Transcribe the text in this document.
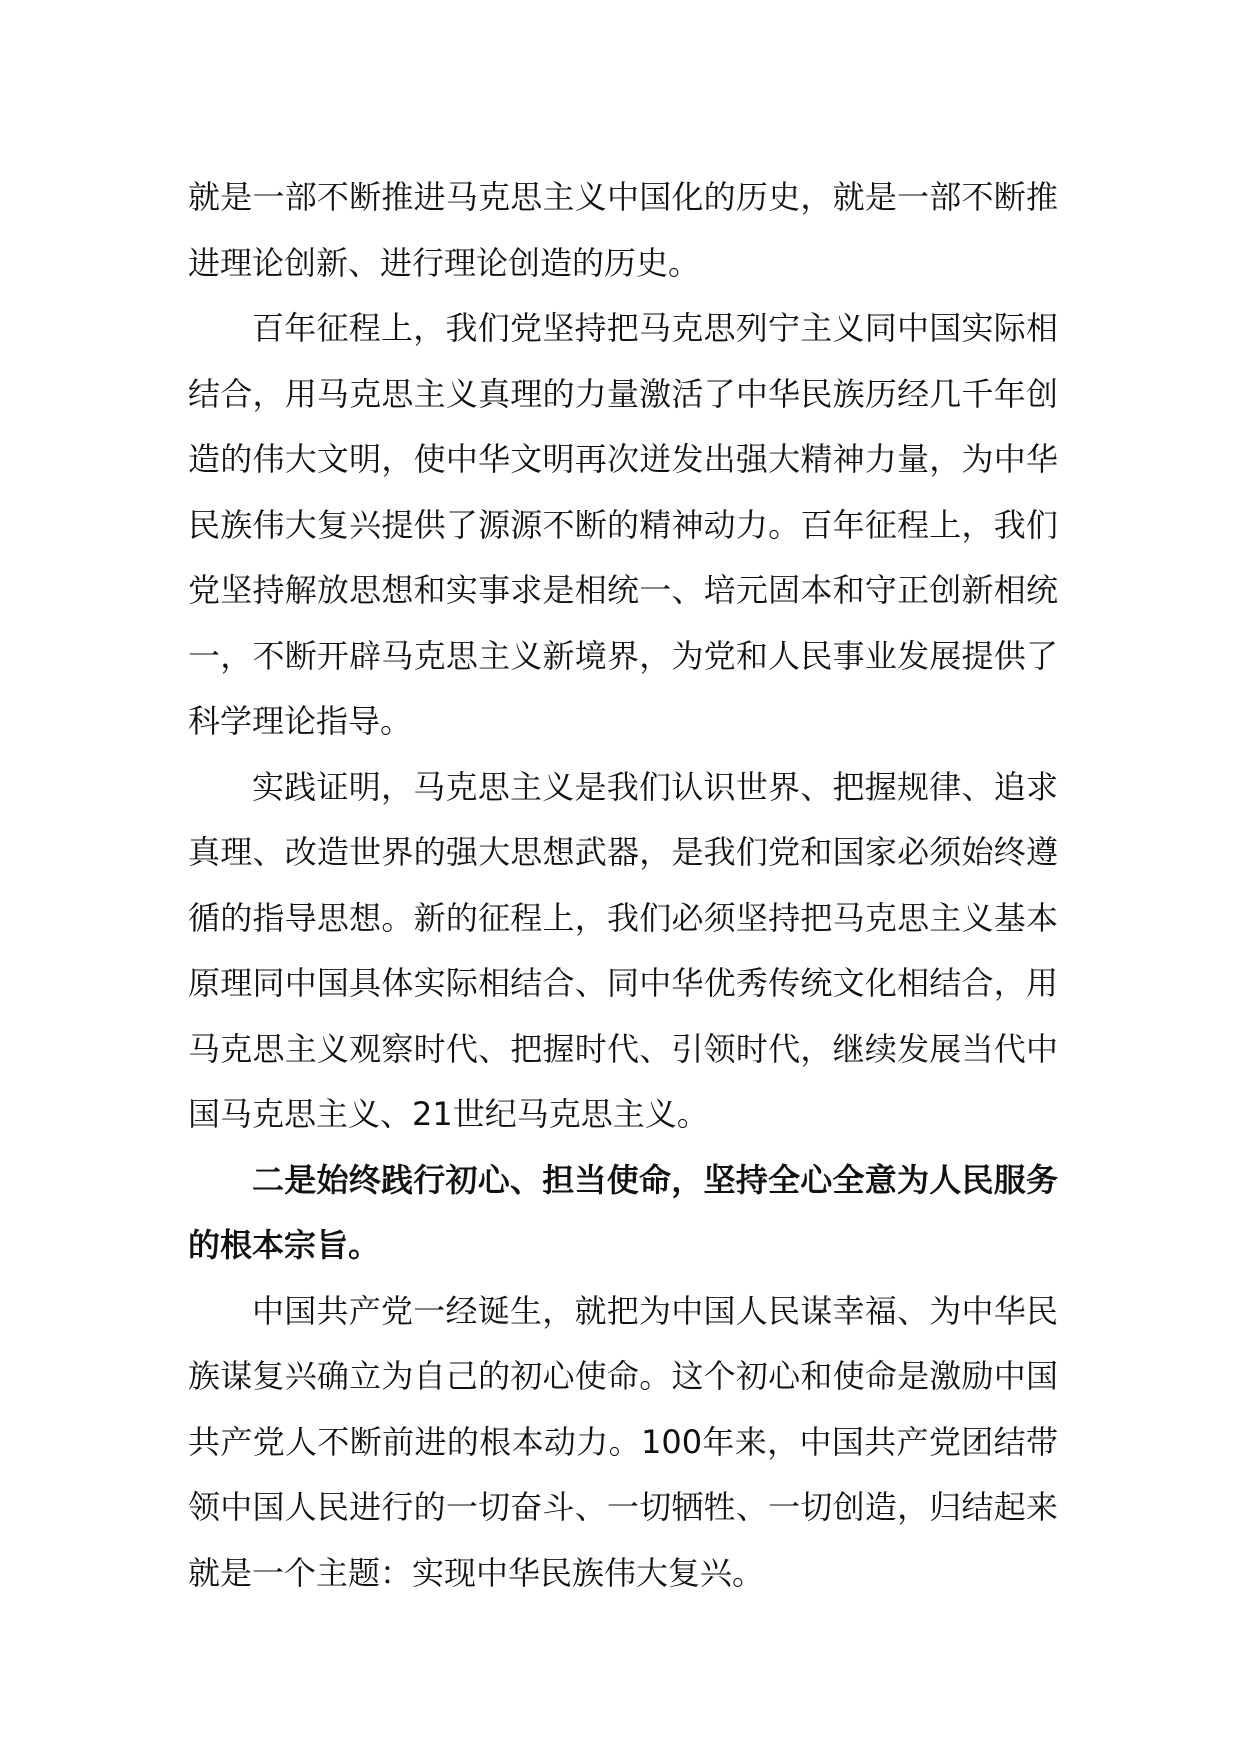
就是一部不断推进马克思主义中国化的历史，就是一部不断推进理论创新、进行理论创造的历史。

百年征程上，我们党坚持把马克思列宁主义同中国实际相结合，用马克思主义真理的力量激活了中华民族历经几千年创造的伟大文明，使中华文明再次迸发出强大精神力量，为中华民族伟大复兴提供了源源不断的精神动力。百年征程上，我们党坚持解放思想和实事求是相统一、培元固本和守正创新相统一，不断开辟马克思主义新境界，为党和人民事业发展提供了科学理论指导。

实践证明，马克思主义是我们认识世界、把握规律、追求真理、改造世界的强大思想武器，是我们党和国家必须始终遵循的指导思想。新的征程上，我们必须坚持把马克思主义基本原理同中国具体实际相结合、同中华优秀传统文化相结合，用马克思主义观察时代、把握时代、引领时代，继续发展当代中国马克思主义、21世纪马克思主义。

二是始终践行初心、担当使命，坚持全心全意为人民服务的根本宗旨。

中国共产党一经诞生，就把为中国人民谋幸福、为中华民族谋复兴确立为自己的初心使命。这个初心和使命是激励中国共产党人不断前进的根本动力。100年来，中国共产党团结带领中国人民进行的一切奋斗、一切牺牲、一切创造，归结起来就是一个主题：实现中华民族伟大复兴。
